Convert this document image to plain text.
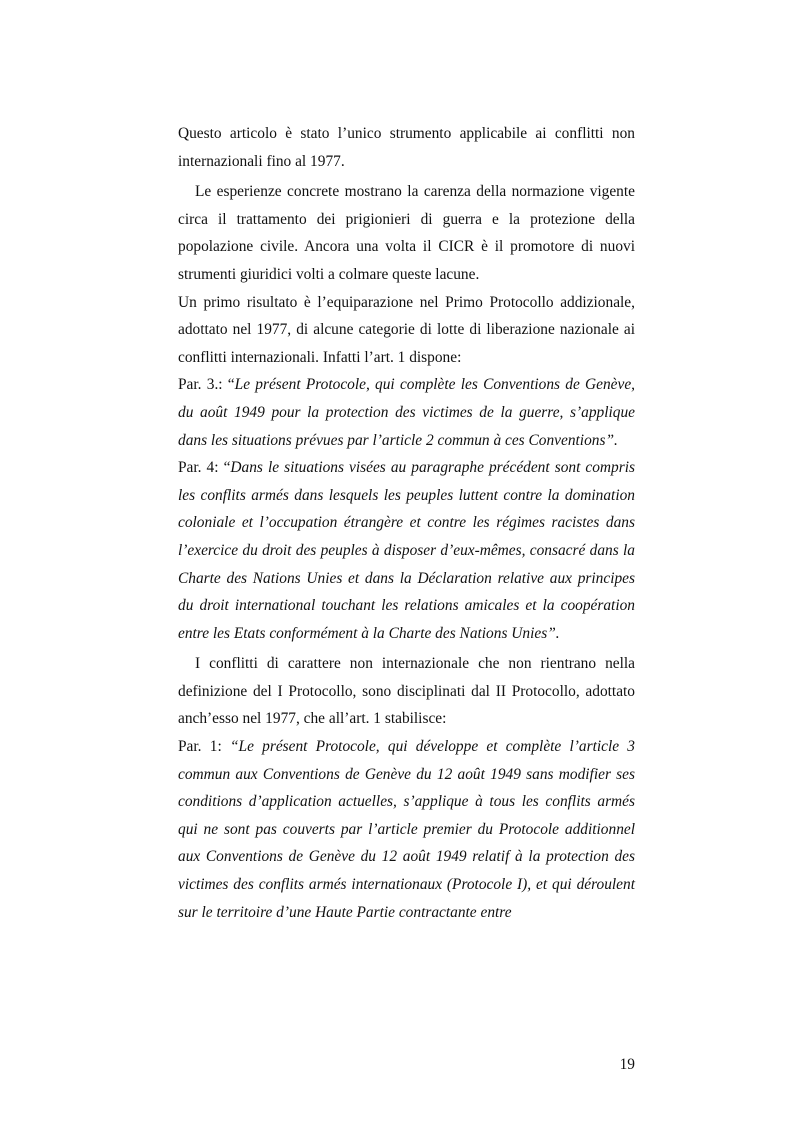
Questo articolo è stato l’unico strumento applicabile ai conflitti non internazionali fino al 1977.

Le esperienze concrete mostrano la carenza della normazione vigente circa il trattamento dei prigionieri di guerra e la protezione della popolazione civile. Ancora una volta il CICR è il promotore di nuovi strumenti giuridici volti a colmare queste lacune.

Un primo risultato è l’equiparazione nel Primo Protocollo addizionale, adottato nel 1977, di alcune categorie di lotte di liberazione nazionale ai conflitti internazionali. Infatti l’art. 1 dispone:

Par. 3.: “Le présent Protocole, qui complète les Conventions de Genève, du août 1949 pour la protection des victimes de la guerre, s’applique dans les situations prévues par l’article 2 commun à ces Conventions”.

Par. 4: “Dans le situations visées au paragraphe précédent sont compris les conflits armés dans lesquels les peuples luttent contre la domination coloniale et l’occupation étrangère et contre les régimes racistes dans l’exercice du droit des peuples à disposer d’eux-mêmes, consacré dans la Charte des Nations Unies et dans la Déclaration relative aux principes du droit international touchant les relations amicales et la coopération entre les Etats conformément à la Charte des Nations Unies”.

I conflitti di carattere non internazionale che non rientrano nella definizione del I Protocollo, sono disciplinati dal II Protocollo, adottato anch’esso nel 1977, che all’art. 1 stabilisce:

Par. 1: “Le présent Protocole, qui développe et complète l’article 3 commun aux Conventions de Genève du 12 août 1949 sans modifier ses conditions d’application actuelles, s’applique à tous les conflits armés qui ne sont pas couverts par l’article premier du Protocole additionnel aux Conventions de Genève du 12 août 1949 relatif à la protection des victimes des conflits armés internationaux (Protocole I), et qui déroulent sur le territoire d’une Haute Partie contractante entre

19
